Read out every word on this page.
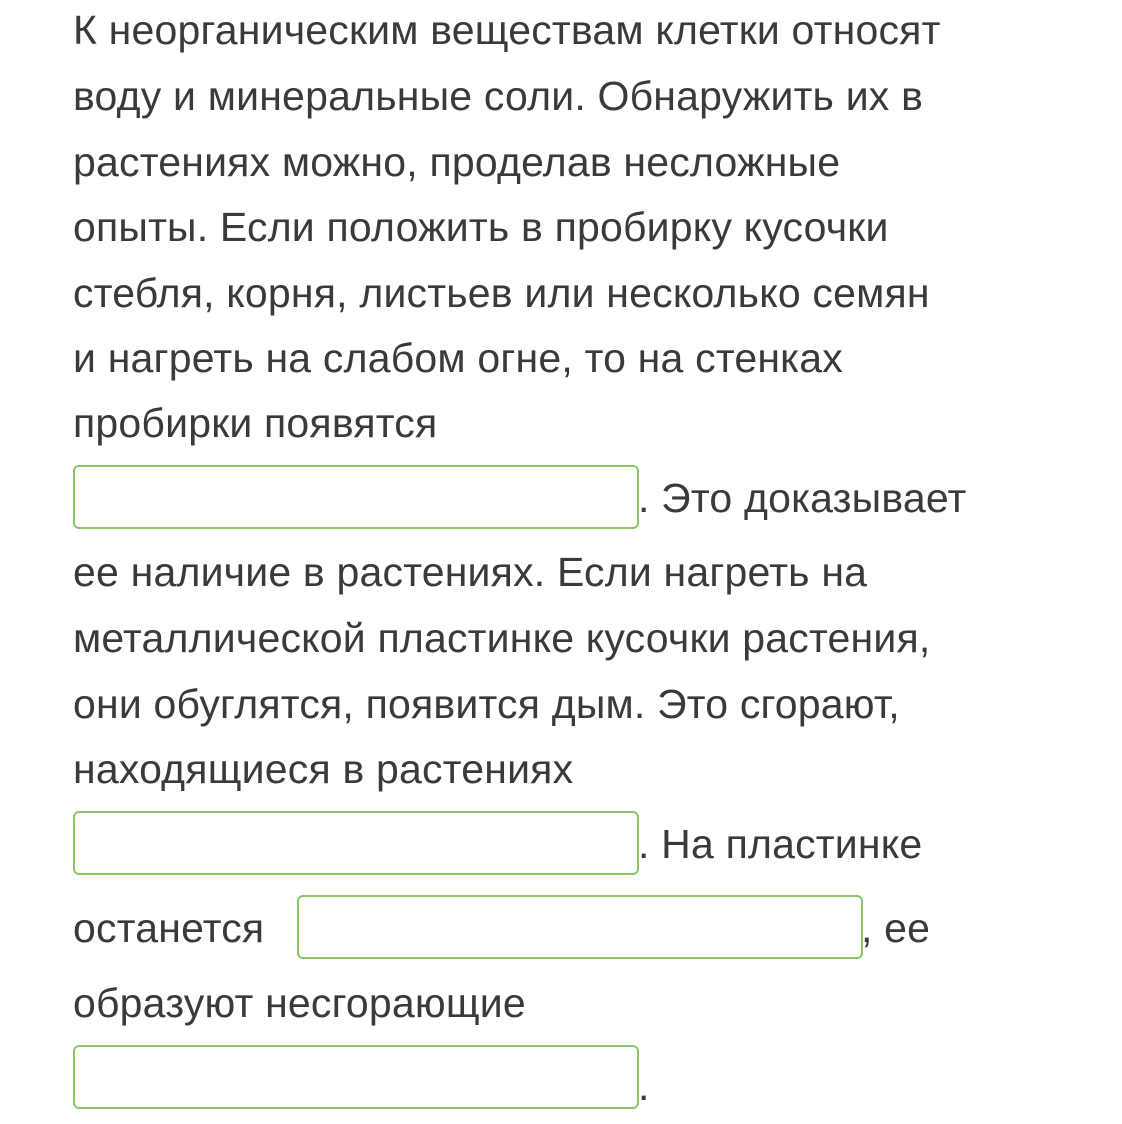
К неорганическим веществам клетки относят
воду и минеральные соли. Обнаружить их в
растениях можно, проделав несложные
опыты. Если положить в пробирку кусочки
стебля, корня, листьев или несколько семян
и нагреть на слабом огне, то на стенках
пробирки появятся
. Это доказывает
ее наличие в растениях. Если нагреть на
металлической пластинке кусочки растения,
они обуглятся, появится дым. Это сгорают,
находящиеся в растениях
. На пластинке
останется	, ее
образуют несгорающие
.
